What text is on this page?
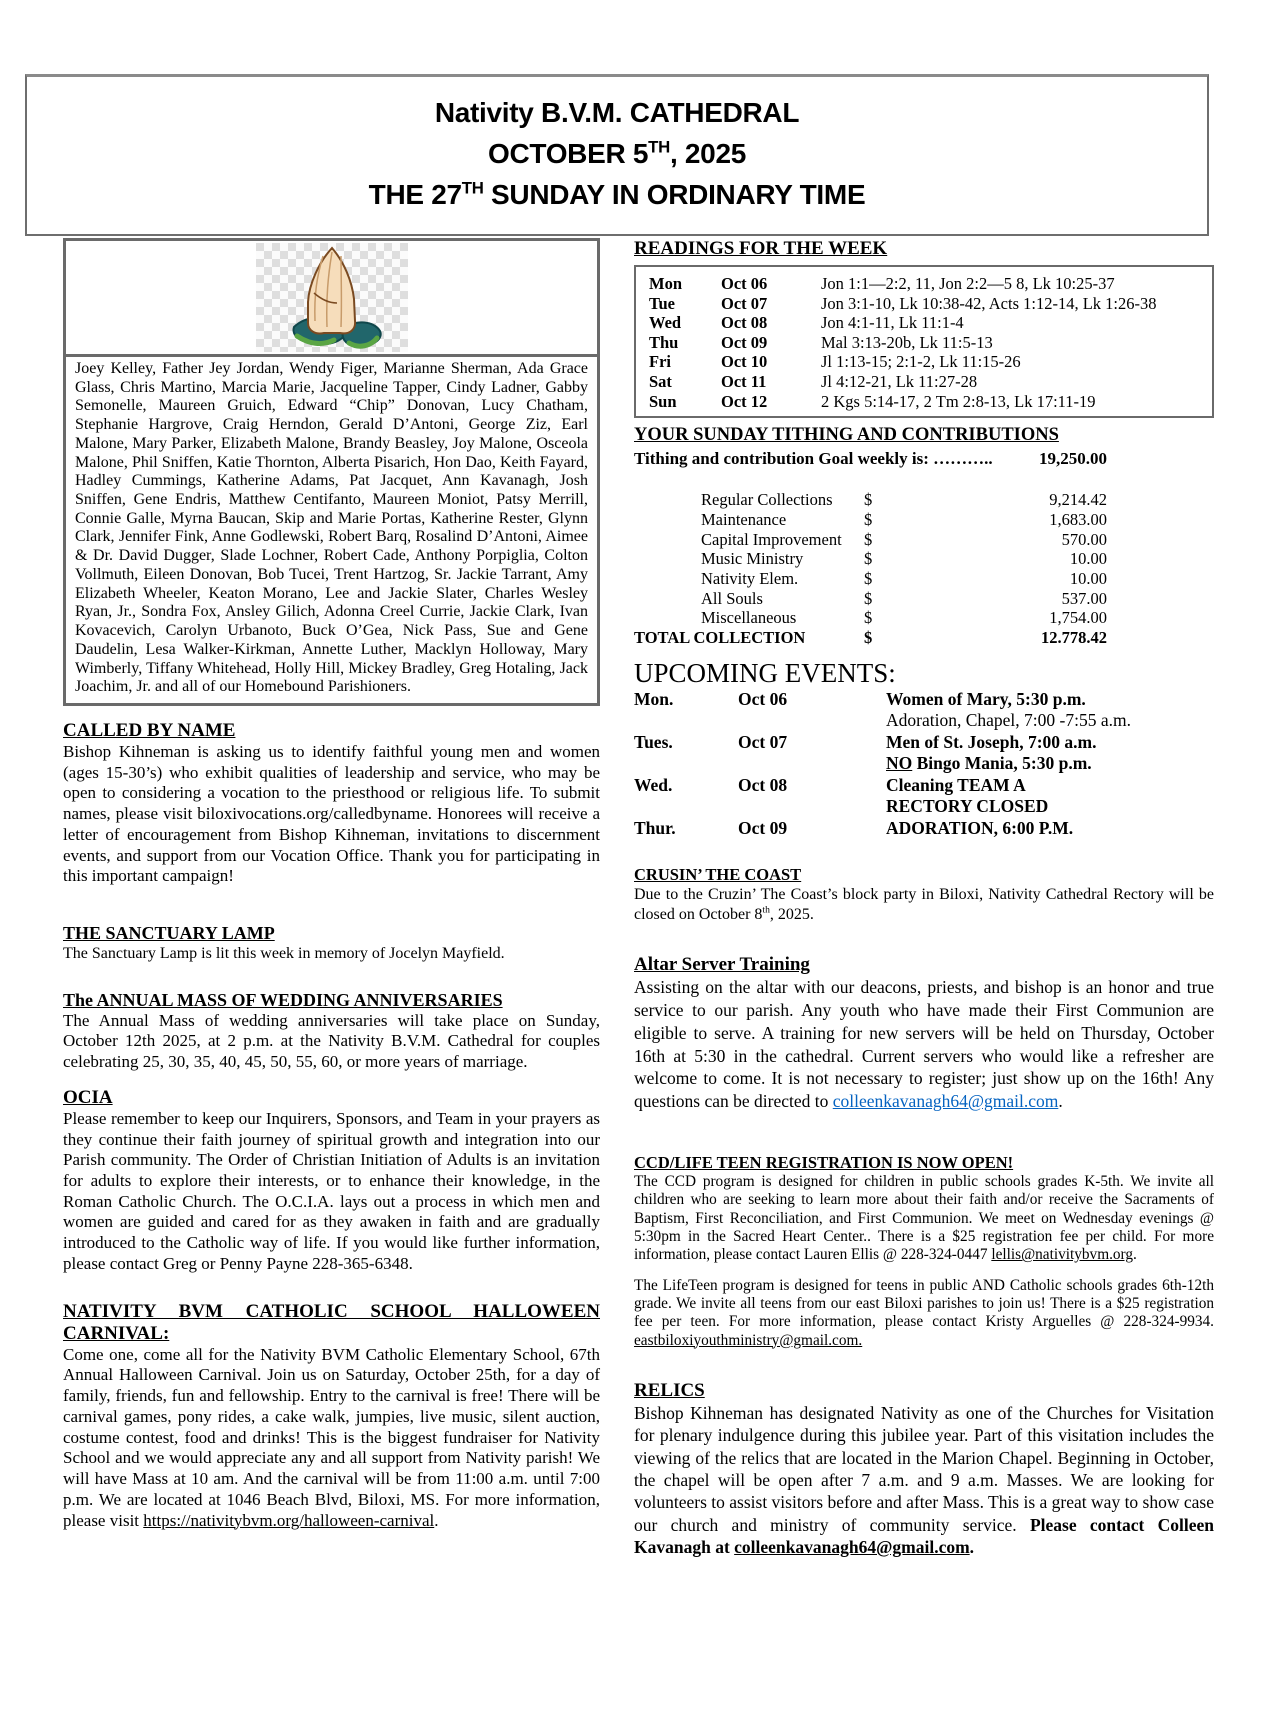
Nativity B.V.M. CATHEDRAL
OCTOBER 5TH, 2025
THE 27TH SUNDAY IN ORDINARY TIME
Joey Kelley, Father Jey Jordan, Wendy Figer, Marianne Sherman, Ada Grace Glass, Chris Martino, Marcia Marie, Jacqueline Tapper, Cindy Ladner, Gabby Semonelle, Maureen Gruich, Edward “Chip” Donovan, Lucy Chatham, Stephanie Hargrove, Craig Herndon, Gerald D’Antoni, George Ziz, Earl Malone, Mary Parker, Elizabeth Malone, Brandy Beasley, Joy Malone, Osceola Malone, Phil Sniffen, Katie Thornton, Alberta Pisarich, Hon Dao, Keith Fayard, Hadley Cummings, Katherine Adams, Pat Jacquet, Ann Kavanagh, Josh Sniffen, Gene Endris, Matthew Centifanto, Maureen Moniot, Patsy Merrill, Connie Galle, Myrna Baucan, Skip and Marie Portas, Katherine Rester, Glynn Clark, Jennifer Fink, Anne Godlewski, Robert Barq, Rosalind D’Antoni, Aimee & Dr. David Dugger, Slade Lochner, Robert Cade, Anthony Porpiglia, Colton Vollmuth, Eileen Donovan, Bob Tucei, Trent Hartzog, Sr. Jackie Tarrant, Amy Elizabeth Wheeler, Keaton Morano, Lee and Jackie Slater, Charles Wesley Ryan, Jr., Sondra Fox, Ansley Gilich, Adonna Creel Currie, Jackie Clark, Ivan Kovacevich, Carolyn Urbanoto, Buck O’Gea, Nick Pass, Sue and Gene Daudelin, Lesa Walker-Kirkman, Annette Luther, Macklyn Holloway, Mary Wimberly, Tiffany Whitehead, Holly Hill, Mickey Bradley, Greg Hotaling, Jack Joachim, Jr. and all of our Homebound Parishioners.
CALLED BY NAME
Bishop Kihneman is asking us to identify faithful young men and women (ages 15-30’s) who exhibit qualities of leadership and service, who may be open to considering a vocation to the priesthood or religious life. To submit names, please visit biloxivocations.org/calledbyname. Honorees will receive a letter of encouragement from Bishop Kihneman, invitations to discernment events, and support from our Vocation Office. Thank you for participating in this important campaign!
THE SANCTUARY LAMP
The Sanctuary Lamp is lit this week in memory of Jocelyn Mayfield.
The ANNUAL MASS OF WEDDING ANNIVERSARIES
The Annual Mass of wedding anniversaries will take place on Sunday, October 12th 2025, at 2 p.m. at the Nativity B.V.M. Cathedral for couples celebrating 25, 30, 35, 40, 45, 50, 55, 60, or more years of marriage.
OCIA
Please remember to keep our Inquirers, Sponsors, and Team in your prayers as they continue their faith journey of spiritual growth and integration into our Parish community. The Order of Christian Initiation of Adults is an invitation for adults to explore their interests, or to enhance their knowledge, in the Roman Catholic Church. The O.C.I.A. lays out a process in which men and women are guided and cared for as they awaken in faith and are gradually introduced to the Catholic way of life. If you would like further information, please contact Greg or Penny Payne 228-365-6348.
NATIVITY BVM CATHOLIC SCHOOL HALLOWEEN CARNIVAL:
Come one, come all for the Nativity BVM Catholic Elementary School, 67th Annual Halloween Carnival. Join us on Saturday, October 25th, for a day of family, friends, fun and fellowship. Entry to the carnival is free! There will be carnival games, pony rides, a cake walk, jumpies, live music, silent auction, costume contest, food and drinks! This is the biggest fundraiser for Nativity School and we would appreciate any and all support from Nativity parish! We will have Mass at 10 am. And the carnival will be from 11:00 a.m. until 7:00 p.m. We are located at 1046 Beach Blvd, Biloxi, MS. For more information, please visit https://nativitybvm.org/halloween-carnival.
READINGS FOR THE WEEK
Mon	Oct 06	Jon 1:1—2:2, 11, Jon 2:2—5 8, Lk 10:25-37
Tue	Oct 07	Jon 3:1-10, Lk 10:38-42, Acts 1:12-14, Lk 1:26-38
Wed	Oct 08	Jon 4:1-11, Lk 11:1-4
Thu	Oct 09	Mal 3:13-20b, Lk 11:5-13
Fri	Oct 10	Jl 1:13-15; 2:1-2, Lk 11:15-26
Sat	Oct 11	Jl 4:12-21, Lk 11:27-28
Sun	Oct 12	2 Kgs 5:14-17, 2 Tm 2:8-13, Lk 17:11-19
YOUR SUNDAY TITHING AND CONTRIBUTIONS
Tithing and contribution Goal weekly is: ………..	19,250.00
Regular Collections	$	9,214.42
Maintenance	$	1,683.00
Capital Improvement	$	570.00
Music Ministry	$	10.00
Nativity Elem.	$	10.00
All Souls	$	537.00
Miscellaneous	$	1,754.00
TOTAL COLLECTION	$	12.778.42
UPCOMING EVENTS:
Mon.	Oct 06	Women of Mary, 5:30 p.m.
Adoration, Chapel, 7:00 -7:55 a.m.
Tues.	Oct 07	Men of St. Joseph, 7:00 a.m.
NO Bingo Mania, 5:30 p.m.
Wed.	Oct 08	Cleaning TEAM A
RECTORY CLOSED
Thur.	Oct 09	ADORATION, 6:00 P.M.
CRUSIN’ THE COAST
Due to the Cruzin’ The Coast’s block party in Biloxi, Nativity Cathedral Rectory will be closed on October 8th, 2025.
Altar Server Training
Assisting on the altar with our deacons, priests, and bishop is an honor and true service to our parish. Any youth who have made their First Communion are eligible to serve. A training for new servers will be held on Thursday, October 16th at 5:30 in the cathedral. Current servers who would like a refresher are welcome to come. It is not necessary to register; just show up on the 16th! Any questions can be directed to colleenkavanagh64@gmail.com.
CCD/LIFE TEEN REGISTRATION IS NOW OPEN!
The CCD program is designed for children in public schools grades K-5th. We invite all children who are seeking to learn more about their faith and/or receive the Sacraments of Baptism, First Reconciliation, and First Communion. We meet on Wednesday evenings @ 5:30pm in the Sacred Heart Center.. There is a $25 registration fee per child. For more information, please contact Lauren Ellis @ 228-324-0447 lellis@nativitybvm.org.
The LifeTeen program is designed for teens in public AND Catholic schools grades 6th-12th grade. We invite all teens from our east Biloxi parishes to join us! There is a $25 registration fee per teen. For more information, please contact Kristy Arguelles @ 228-324-9934. eastbiloxiyouthministry@gmail.com.
RELICS
Bishop Kihneman has designated Nativity as one of the Churches for Visitation for plenary indulgence during this jubilee year. Part of this visitation includes the viewing of the relics that are located in the Marion Chapel. Beginning in October, the chapel will be open after 7 a.m. and 9 a.m. Masses. We are looking for volunteers to assist visitors before and after Mass. This is a great way to show case our church and ministry of community service. Please contact Colleen Kavanagh at colleenkavanagh64@gmail.com.
